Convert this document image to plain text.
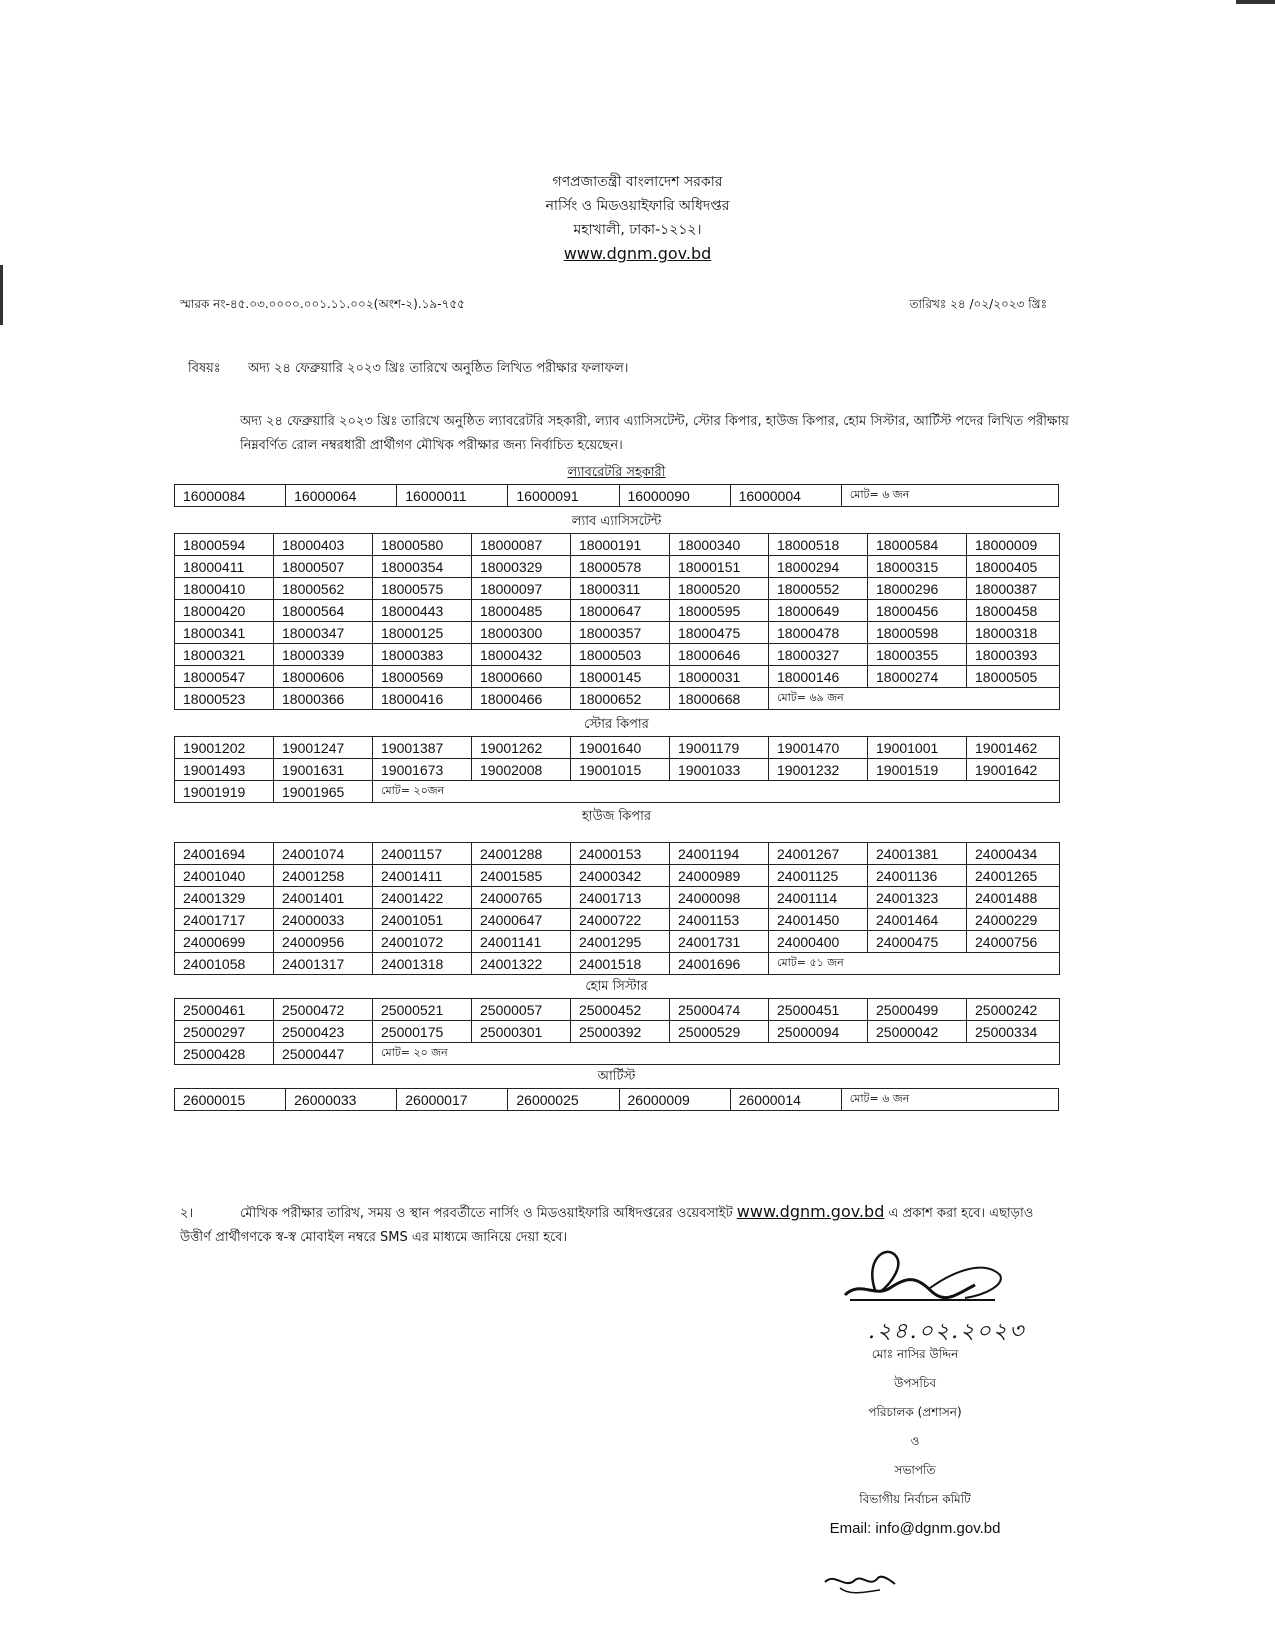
গণপ্রজাতন্ত্রী বাংলাদেশ সরকার
নার্সিং ও মিডওয়াইফারি অধিদপ্তর
মহাখালী, ঢাকা-১২১২।
www.dgnm.gov.bd
স্মারক নং-৪৫.০৩.০০০০.০০১.১১.০০২(অংশ-২).১৯-৭৫৫	তারিখঃ ২৪ /০২/২০২৩ খ্রিঃ
বিষয়ঃ অদ্য ২৪ ফেব্রুয়ারি ২০২৩ খ্রিঃ তারিখে অনুষ্ঠিত লিখিত পরীক্ষার ফলাফল।
অদ্য ২৪ ফেব্রুয়ারি ২০২৩ খ্রিঃ তারিখে অনুষ্ঠিত ল্যাবরেটরি সহকারী, ল্যাব এ্যাসিসটেন্ট, স্টোর কিপার, হাউজ কিপার, হোম সিস্টার, আর্টিস্ট পদের লিখিত পরীক্ষায় নিম্নবর্ণিত রোল নম্বরধারী প্রার্থীগণ মৌখিক পরীক্ষার জন্য নির্বাচিত হয়েছেন।
ল্যাবরেটরি সহকারী
16000084	16000064	16000011	16000091	16000090	16000004	মোট= ৬ জন
ল্যাব এ্যাসিসটেন্ট
18000594	18000403	18000580	18000087	18000191	18000340	18000518	18000584	18000009
18000411	18000507	18000354	18000329	18000578	18000151	18000294	18000315	18000405
18000410	18000562	18000575	18000097	18000311	18000520	18000552	18000296	18000387
18000420	18000564	18000443	18000485	18000647	18000595	18000649	18000456	18000458
18000341	18000347	18000125	18000300	18000357	18000475	18000478	18000598	18000318
18000321	18000339	18000383	18000432	18000503	18000646	18000327	18000355	18000393
18000547	18000606	18000569	18000660	18000145	18000031	18000146	18000274	18000505
18000523	18000366	18000416	18000466	18000652	18000668	মোট= ৬৯ জন		
স্টোর কিপার
19001202	19001247	19001387	19001262	19001640	19001179	19001470	19001001	19001462
19001493	19001631	19001673	19002008	19001015	19001033	19001232	19001519	19001642
19001919	19001965	মোট= ২০জন						
হাউজ কিপার
24001694	24001074	24001157	24001288	24000153	24001194	24001267	24001381	24000434
24001040	24001258	24001411	24001585	24000342	24000989	24001125	24001136	24001265
24001329	24001401	24001422	24000765	24001713	24000098	24001114	24001323	24001488
24001717	24000033	24001051	24000647	24000722	24001153	24001450	24001464	24000229
24000699	24000956	24001072	24001141	24001295	24001731	24000400	24000475	24000756
24001058	24001317	24001318	24001322	24001518	24001696	মোট= ৫১ জন		
হোম সিস্টার
25000461	25000472	25000521	25000057	25000452	25000474	25000451	25000499	25000242
25000297	25000423	25000175	25000301	25000392	25000529	25000094	25000042	25000334
25000428	25000447	মোট= ২০ জন						
আর্টিস্ট
26000015	26000033	26000017	26000025	26000009	26000014	মোট= ৬ জন
২।	মৌখিক পরীক্ষার তারিখ, সময় ও স্থান পরবর্তীতে নার্সিং ও মিডওয়াইফারি অধিদপ্তরের ওয়েবসাইট www.dgnm.gov.bd এ প্রকাশ করা হবে। এছাড়াও উত্তীর্ণ প্রার্থীগণকে স্ব-স্ব মোবাইল নম্বরে SMS এর মাধ্যমে জানিয়ে দেয়া হবে।
.২৪.০২.২০২৩
মোঃ নাসির উদ্দিন
উপসচিব
পরিচালক (প্রশাসন)
ও
সভাপতি
বিভাগীয় নির্বাচন কমিটি
Email: info@dgnm.gov.bd
